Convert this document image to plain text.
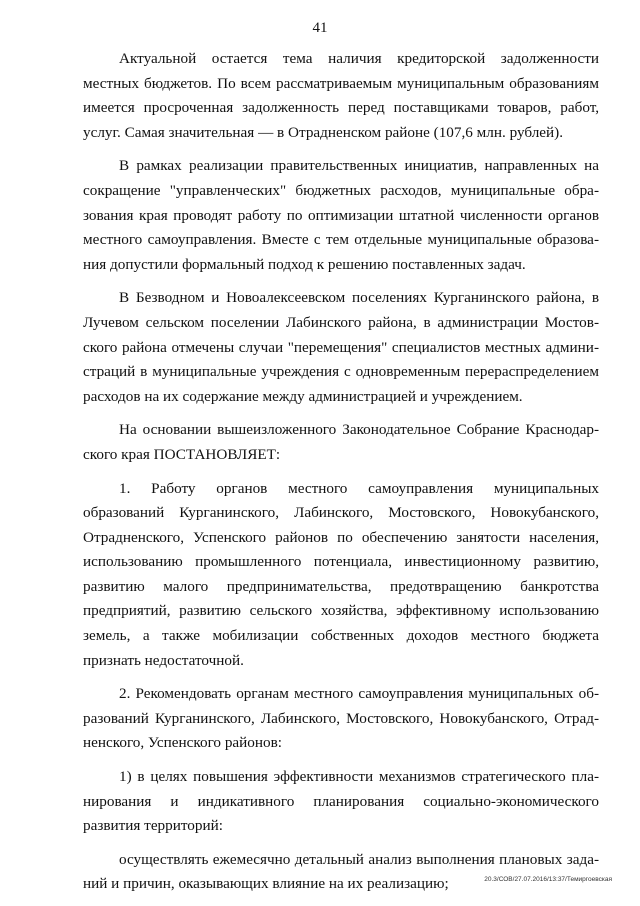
41

Актуальной остается тема наличия кредиторской задолженности местных бюджетов. По всем рассматриваемым муниципальным образованиям имеется просроченная задолженность перед поставщиками товаров, работ, услуг. Самая значительная — в Отрадненском районе (107,6 млн. рублей).

В рамках реализации правительственных инициатив, направленных на сокращение "управленческих" бюджетных расходов, муниципальные образования края проводят работу по оптимизации штатной численности органов местного самоуправления. Вместе с тем отдельные муниципальные образования допустили формальный подход к решению поставленных задач.

В Безводном и Новоалексеевском поселениях Курганинского района, в Лучевом сельском поселении Лабинского района, в администрации Мостовского района отмечены случаи "перемещения" специалистов местных администраций в муниципальные учреждения с одновременным перераспределением расходов на их содержание между администрацией и учреждением.

На основании вышеизложенного Законодательное Собрание Краснодарского края ПОСТАНОВЛЯЕТ:

1. Работу органов местного самоуправления муниципальных образований Курганинского, Лабинского, Мостовского, Новокубанского, Отрадненского, Успенского районов по обеспечению занятости населения, использованию промышленного потенциала, инвестиционному развитию, развитию малого предпринимательства, предотвращению банкротства предприятий, развитию сельского хозяйства, эффективному использованию земель, а также мобилизации собственных доходов местного бюджета признать недостаточной.

2. Рекомендовать органам местного самоуправления муниципальных образований Курганинского, Лабинского, Мостовского, Новокубанского, Отрадненского, Успенского районов:

1) в целях повышения эффективности механизмов стратегического планирования и индикативного планирования социально-экономического развития территорий:

осуществлять ежемесячно детальный анализ выполнения плановых заданий и причин, оказывающих влияние на их реализацию;	20.3/СОВ/27.07.2016/13:37/Темиргоевская
